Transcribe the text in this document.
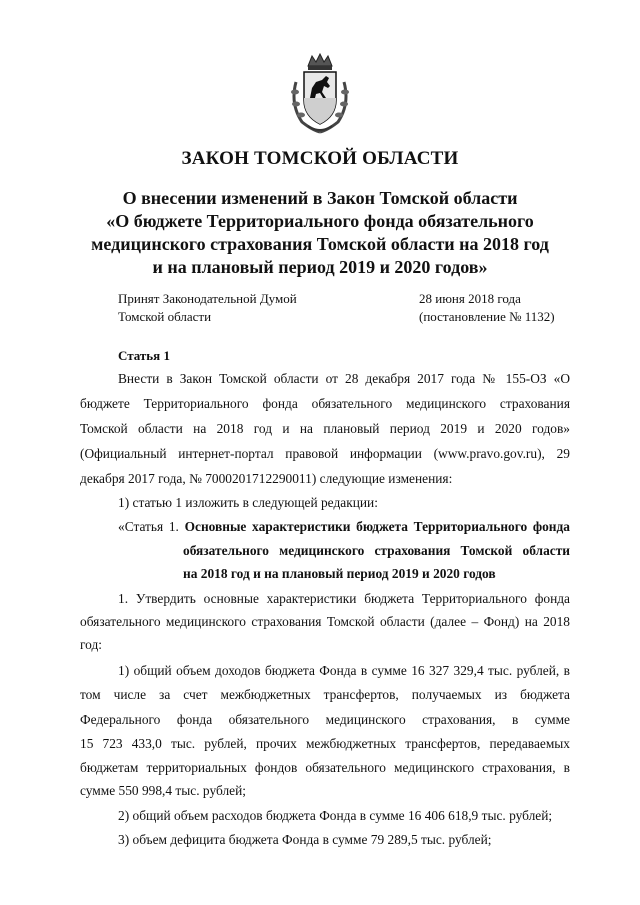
ЗАКОН ТОМСКОЙ ОБЛАСТИ
О внесении изменений в Закон Томской области
«О бюджете Территориального фонда обязательного
медицинского страхования Томской области на 2018 год
и на плановый период 2019 и 2020 годов»
Принят Законодательной Думой
Томской области
28 июня 2018 года
(постановление № 1132)
Статья 1
Внести в Закон Томской области от 28 декабря 2017 года № 155-ОЗ «О
бюджете Территориального фонда обязательного медицинского страхования
Томской области на 2018 год и на плановый период 2019 и 2020 годов»
(Официальный интернет-портал правовой информации (www.pravo.gov.ru), 29
декабря 2017 года, № 7000201712290011) следующие изменения:
1) статью 1 изложить в следующей редакции:
«Статья 1. Основные характеристики бюджета Территориального фонда
обязательного медицинского страхования Томской области
на 2018 год и на плановый период 2019 и 2020 годов
1. Утвердить основные характеристики бюджета Территориального фонда
обязательного медицинского страхования Томской области (далее – Фонд) на 2018
год:
1) общий объем доходов бюджета Фонда в сумме 16 327 329,4 тыс. рублей, в
том числе за счет межбюджетных трансфертов, получаемых из бюджета
Федерального фонда обязательного медицинского страхования, в сумме
15 723 433,0 тыс. рублей, прочих межбюджетных трансфертов, передаваемых
бюджетам территориальных фондов обязательного медицинского страхования, в
сумме 550 998,4 тыс. рублей;
2) общий объем расходов бюджета Фонда в сумме 16 406 618,9 тыс. рублей;
3) объем дефицита бюджета Фонда в сумме 79 289,5 тыс. рублей;
